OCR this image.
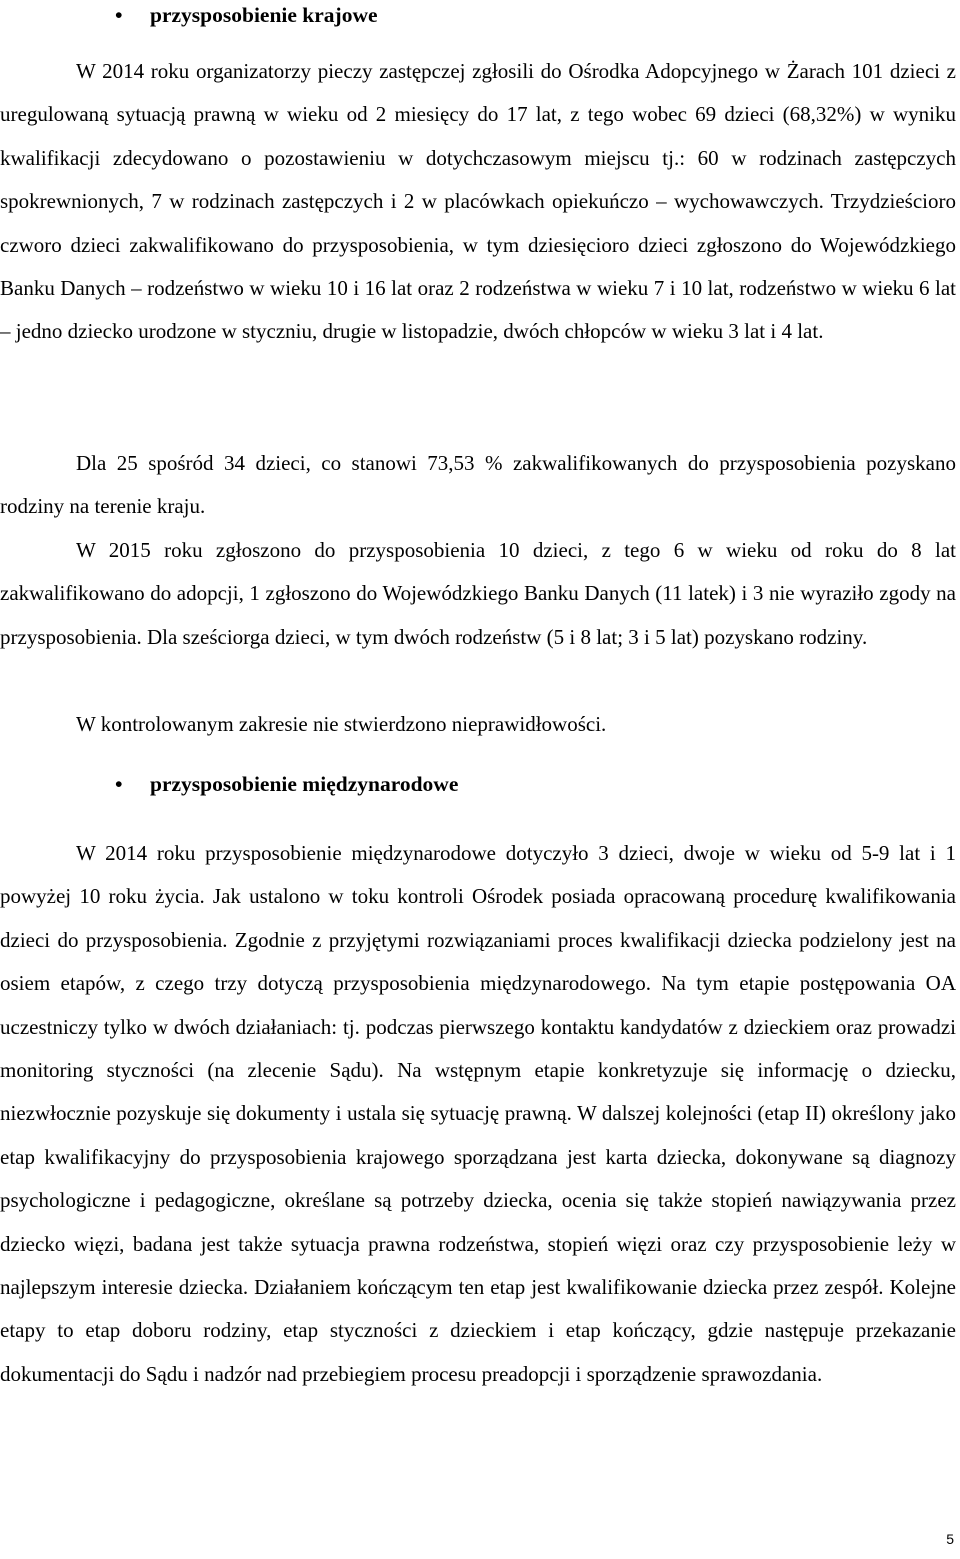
• przysposobienie krajowe

W 2014 roku organizatorzy pieczy zastępczej zgłosili do Ośrodka Adopcyjnego w Żarach 101 dzieci z uregulowaną sytuacją prawną w wieku od 2 miesięcy do 17 lat, z tego wobec 69 dzieci (68,32%) w wyniku kwalifikacji zdecydowano o pozostawieniu w dotychczasowym miejscu tj.: 60 w rodzinach zastępczych spokrewnionych, 7 w rodzinach zastępczych i 2 w placówkach opiekuńczo – wychowawczych. Trzydzieścioro czworo dzieci zakwalifikowano do przysposobienia, w tym dziesięcioro dzieci zgłoszono do Wojewódzkiego Banku Danych – rodzeństwo w wieku 10 i 16 lat oraz 2 rodzeństwa w wieku 7 i 10 lat, rodzeństwo w wieku 6 lat – jedno dziecko urodzone w styczniu, drugie w listopadzie, dwóch chłopców w wieku 3 lat i 4 lat.

Dla 25 spośród 34 dzieci, co stanowi 73,53 % zakwalifikowanych do przysposobienia pozyskano rodziny na terenie kraju.

W 2015 roku zgłoszono do przysposobienia 10 dzieci, z tego 6 w wieku od roku do 8 lat zakwalifikowano do adopcji, 1 zgłoszono do Wojewódzkiego Banku Danych (11 latek) i 3 nie wyraziło zgody na przysposobienia. Dla sześciorga dzieci, w tym dwóch rodzeństw (5 i 8 lat; 3 i 5 lat) pozyskano rodziny.

W kontrolowanym zakresie nie stwierdzono nieprawidłowości.

• przysposobienie międzynarodowe

W 2014 roku przysposobienie międzynarodowe dotyczyło 3 dzieci, dwoje w wieku od 5-9 lat i 1 powyżej 10 roku życia. Jak ustalono w toku kontroli Ośrodek posiada opracowaną procedurę kwalifikowania dzieci do przysposobienia. Zgodnie z przyjętymi rozwiązaniami proces kwalifikacji dziecka podzielony jest na osiem etapów, z czego trzy dotyczą przysposobienia międzynarodowego. Na tym etapie postępowania OA uczestniczy tylko w dwóch działaniach: tj. podczas pierwszego kontaktu kandydatów z dzieckiem oraz prowadzi monitoring styczności (na zlecenie Sądu). Na wstępnym etapie konkretyzuje się informację o dziecku, niezwłocznie pozyskuje się dokumenty i ustala się sytuację prawną. W dalszej kolejności (etap II) określony jako etap kwalifikacyjny do przysposobienia krajowego sporządzana jest karta dziecka, dokonywane są diagnozy psychologiczne i pedagogiczne, określane są potrzeby dziecka, ocenia się także stopień nawiązywania przez dziecko więzi, badana jest także sytuacja prawna rodzeństwa, stopień więzi oraz czy przysposobienie leży w najlepszym interesie dziecka. Działaniem kończącym ten etap jest kwalifikowanie dziecka przez zespół. Kolejne etapy to etap doboru rodziny, etap styczności z dzieckiem i etap kończący, gdzie następuje przekazanie dokumentacji do Sądu i nadzór nad przebiegiem procesu preadopcji i sporządzenie sprawozdania.

5
